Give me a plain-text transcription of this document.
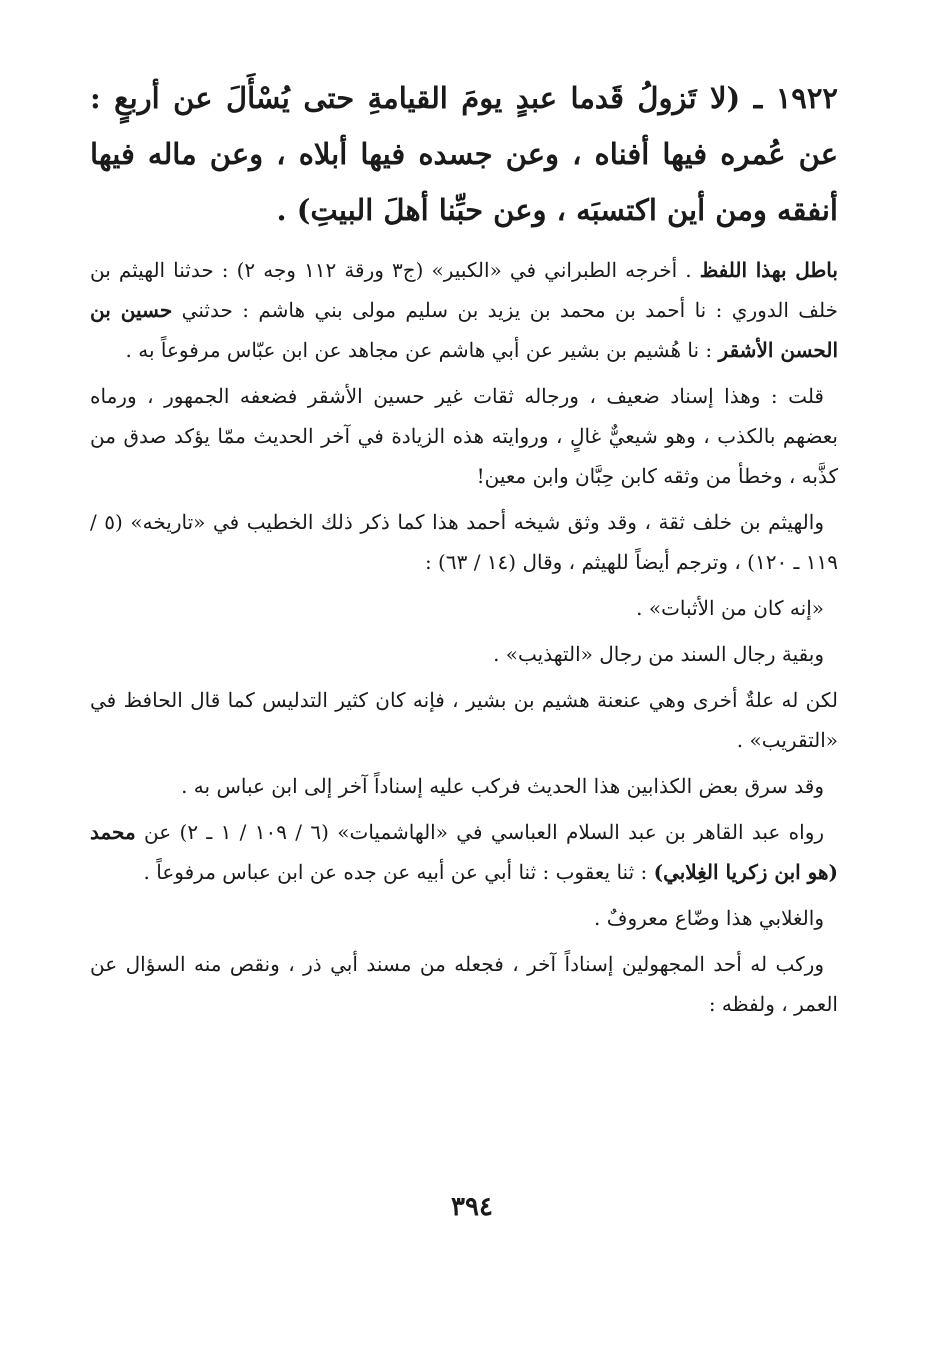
١٩٢٢ ـ (لا تَزولُ قَدما عبدٍ يومَ القيامةِ حتى يُسْأَلَ عن أربعٍ : عن عُمره فيها أفناه ، وعن جسده فيها أبلاه ، وعن ماله فيها أنفقه ومن أين اكتسبَه ، وعن حبِّنا أهلَ البيتِ) .

باطل بهذا اللفظ . أخرجه الطبراني في «الكبير» (ج٣ ورقة ١١٢ وجه ٢) : حدثنا الهيثم بن خلف الدوري : نا أحمد بن محمد بن يزيد بن سليم مولى بني هاشم : حدثني حسين بن الحسن الأشقر : نا هُشيم بن بشير عن أبي هاشم عن مجاهد عن ابن عبّاس مرفوعاً به .

قلت : وهذا إسناد ضعيف ، ورجاله ثقات غير حسين الأشقر فضعفه الجمهور ، ورماه بعضهم بالكذب ، وهو شيعيٌّ غالٍ ، وروايته هذه الزيادة في آخر الحديث ممّا يؤكد صدق من كذَّبه ، وخطأ من وثقه كابن حِبَّان وابن معين!

والهيثم بن خلف ثقة ، وقد وثق شيخه أحمد هذا كما ذكر ذلك الخطيب في «تاريخه» (٥ / ١١٩ ـ ١٢٠) ، وترجم أيضاً للهيثم ، وقال (١٤ / ٦٣) :

«إنه كان من الأثبات» .

وبقية رجال السند من رجال «التهذيب» .

لكن له علةٌ أخرى وهي عنعنة هشيم بن بشير ، فإنه كان كثير التدليس كما قال الحافظ في «التقريب» .

وقد سرق بعض الكذابين هذا الحديث فركب عليه إسناداً آخر إلى ابن عباس به .

رواه عبد القاهر بن عبد السلام العباسي في «الهاشميات» (٦ / ١٠٩ / ١ ـ ٢) عن محمد (هو ابن زكريا الغِلابي) : ثنا يعقوب : ثنا أبي عن أبيه عن جده عن ابن عباس مرفوعاً .

والغلابي هذا وضّاع معروفٌ .

وركب له أحد المجهولين إسناداً آخر ، فجعله من مسند أبي ذر ، ونقص منه السؤال عن العمر ، ولفظه :

٣٩٤
